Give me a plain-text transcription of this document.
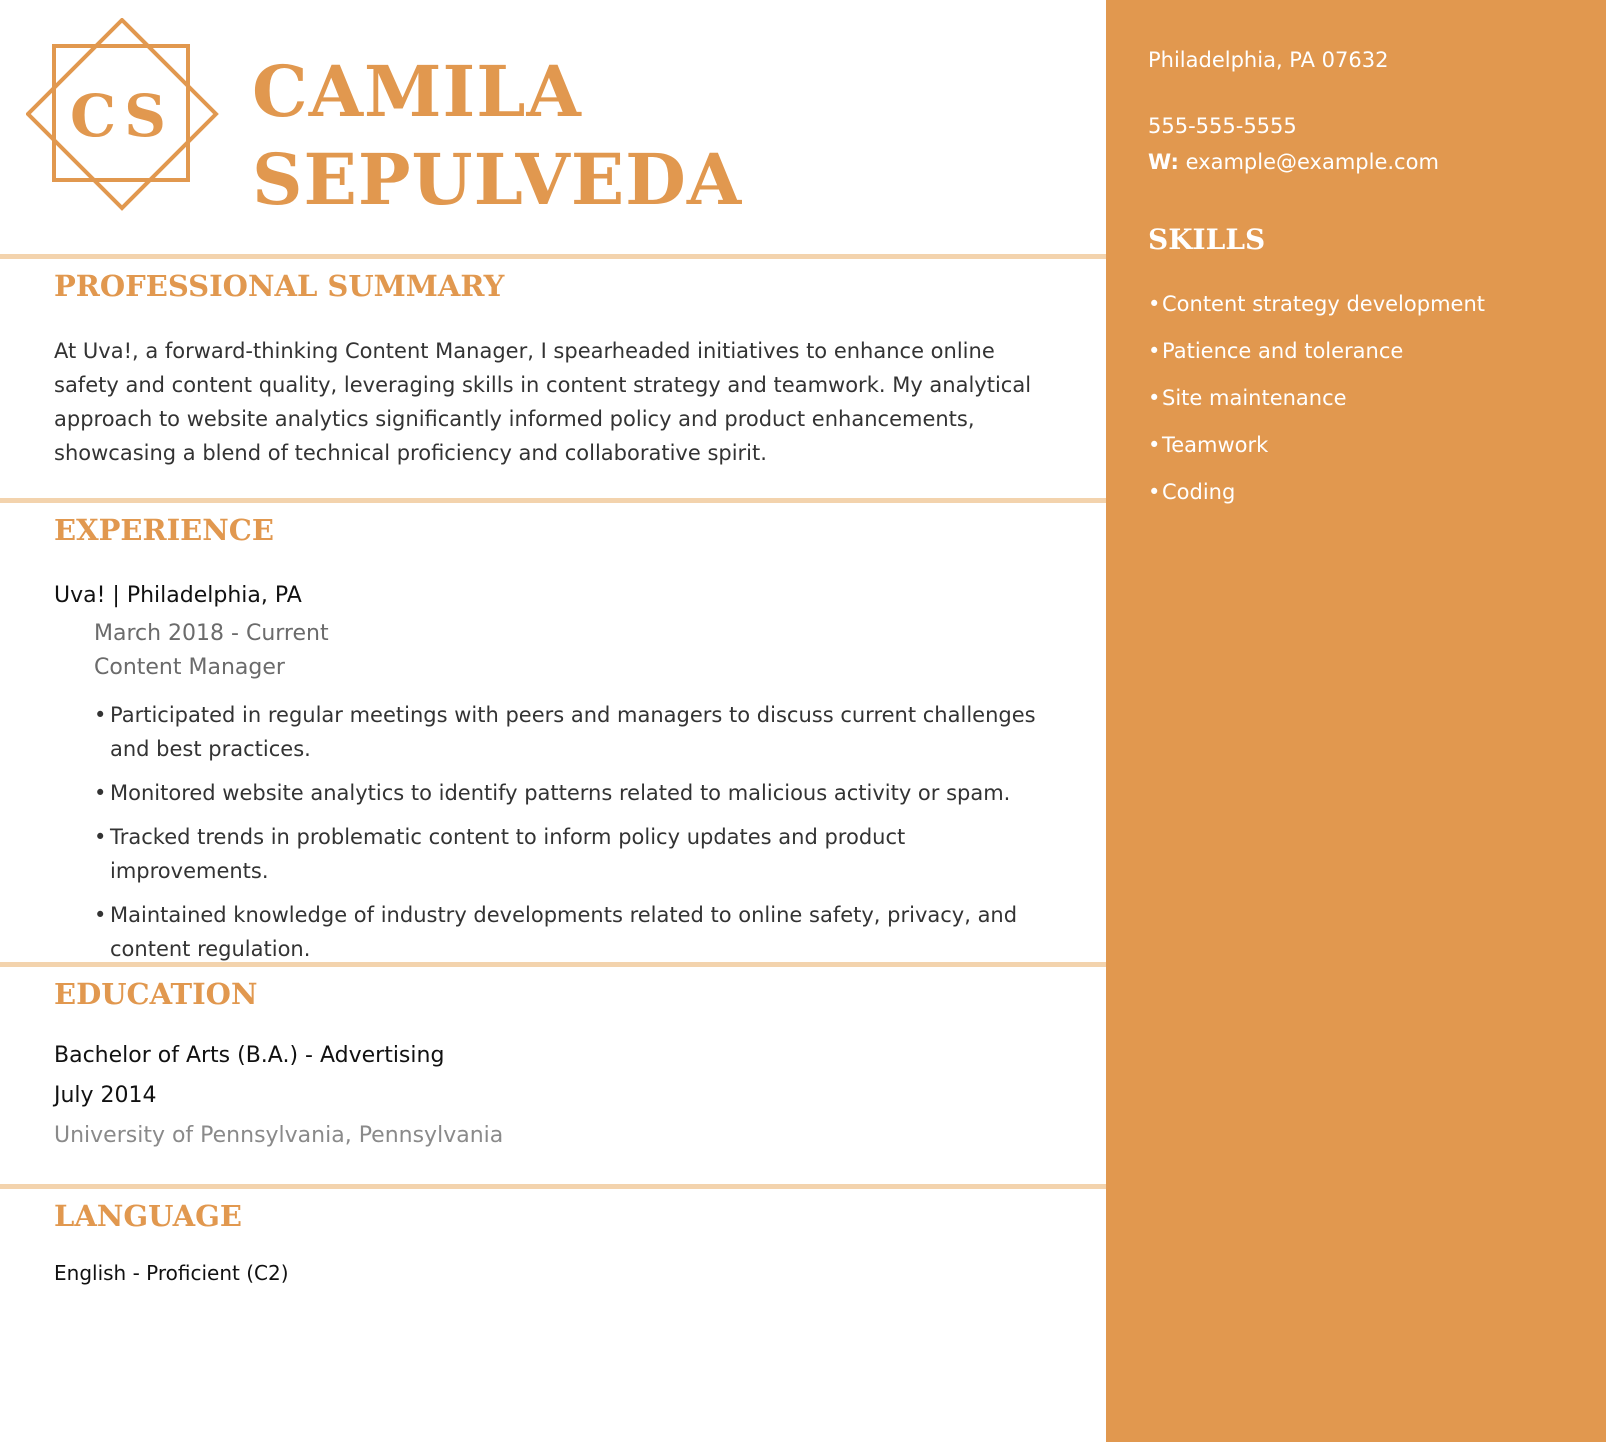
CS CAMILA
SEPULVEDA
PROFESSIONAL SUMMARY

At Uva!, a forward-thinking Content Manager, I spearheaded initiatives to enhance online safety and content quality, leveraging skills in content strategy and teamwork. My analytical approach to website analytics significantly informed policy and product enhancements, showcasing a blend of technical proficiency and collaborative spirit.

EXPERIENCE
Uva! | Philadelphia, PA
March 2018 - Current
Content Manager
• Participated in regular meetings with peers and managers to discuss current challenges and best practices.
• Monitored website analytics to identify patterns related to malicious activity or spam.
• Tracked trends in problematic content to inform policy updates and product improvements.
• Maintained knowledge of industry developments related to online safety, privacy, and content regulation.
EDUCATION
Bachelor of Arts (B.A.) - Advertising
July 2014
University of Pennsylvania, Pennsylvania
LANGUAGE
English - Proficient (C2)
Philadelphia, PA 07632
555-555-5555
W: example@example.com
SKILLS
• Content strategy development
• Patience and tolerance
• Site maintenance
• Teamwork
• Coding
